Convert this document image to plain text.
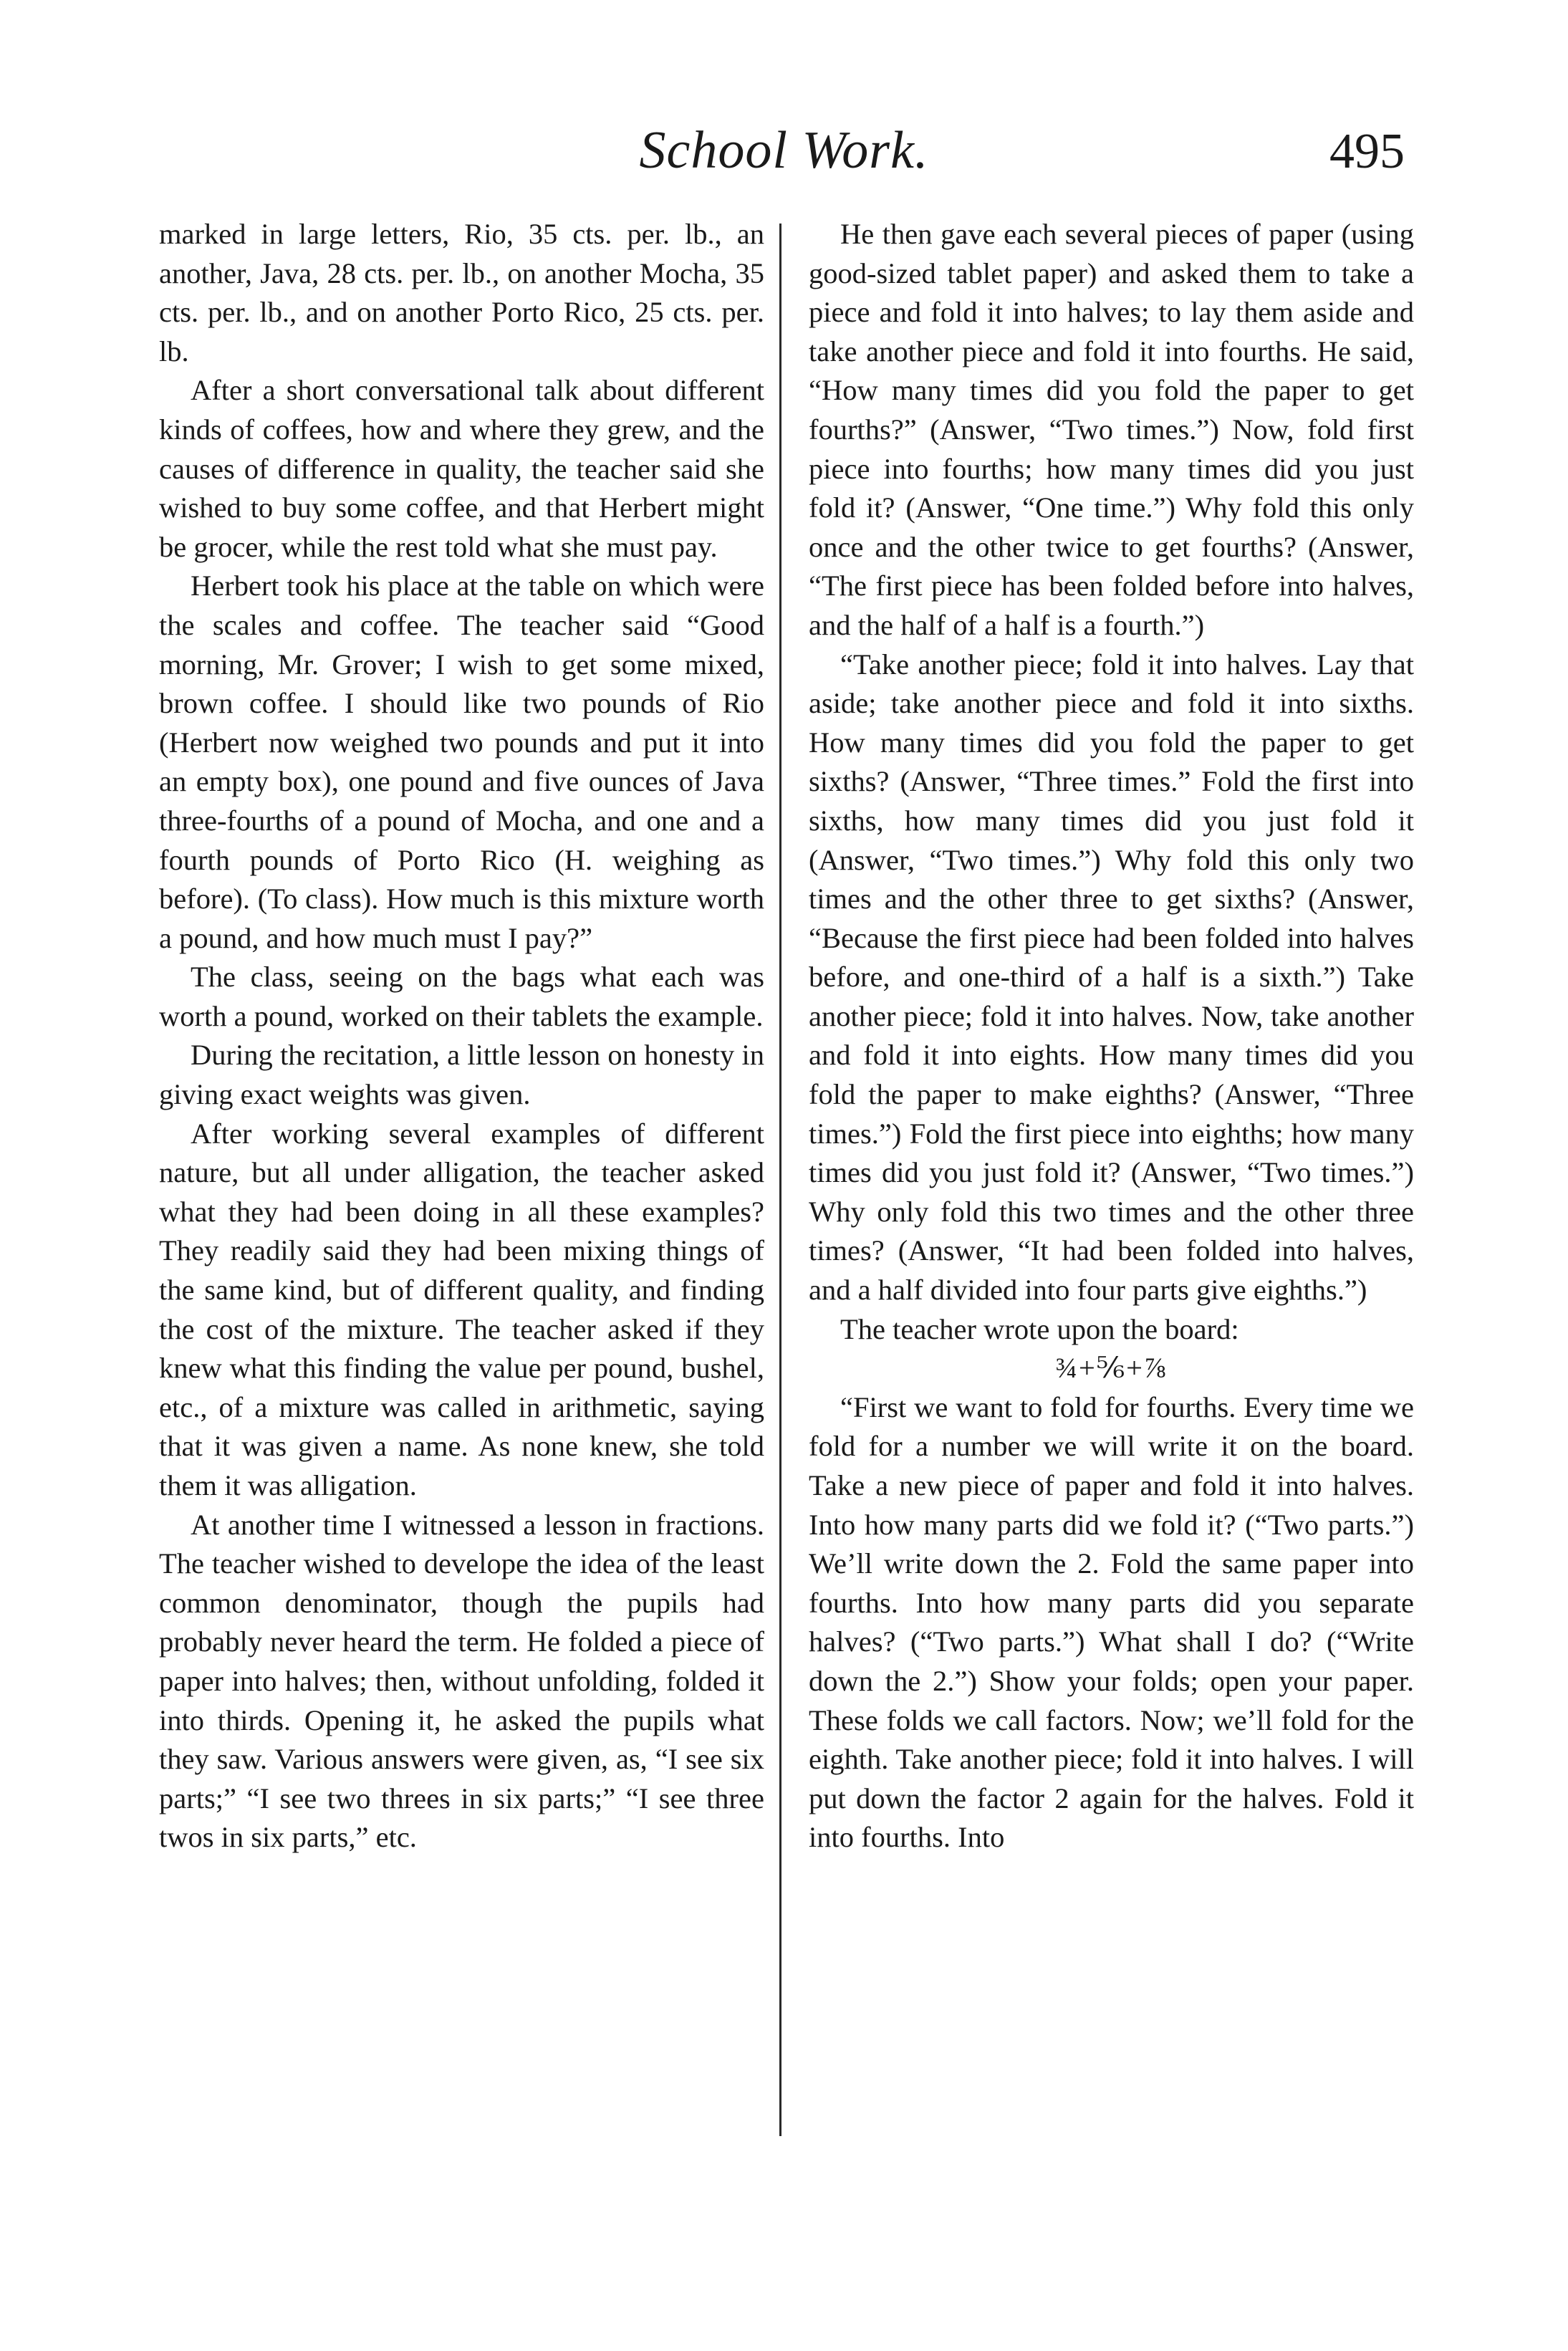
School Work.	495

marked in large letters, Rio, 35 cts. per. lb., an another, Java, 28 cts. per. lb., on another Mocha, 35 cts. per. lb., and on another Porto Rico, 25 cts. per. lb.

After a short conversational talk about different kinds of coffees, how and where they grew, and the causes of difference in quality, the teacher said she wished to buy some coffee, and that Herbert might be grocer, while the rest told what she must pay.

Herbert took his place at the table on which were the scales and coffee. The teacher said “Good morning, Mr. Grover; I wish to get some mixed, brown coffee. I should like two pounds of Rio (Herbert now weighed two pounds and put it into an empty box), one pound and five ounces of Java three-fourths of a pound of Mocha, and one and a fourth pounds of Porto Rico (H. weighing as before). (To class). How much is this mixture worth a pound, and how much must I pay?”

The class, seeing on the bags what each was worth a pound, worked on their tablets the example.

During the recitation, a little lesson on honesty in giving exact weights was given.

After working several examples of different nature, but all under alligation, the teacher asked what they had been doing in all these examples? They readily said they had been mixing things of the same kind, but of different quality, and finding the cost of the mixture. The teacher asked if they knew what this finding the value per pound, bushel, etc., of a mixture was called in arithmetic, saying that it was given a name. As none knew, she told them it was alligation.

At another time I witnessed a lesson in fractions. The teacher wished to develope the idea of the least common denominator, though the pupils had probably never heard the term. He folded a piece of paper into halves; then, without unfolding, folded it into thirds. Opening it, he asked the pupils what they saw. Various answers were given, as, “I see six parts;” “I see two threes in six parts;” “I see three twos in six parts,” etc.

He then gave each several pieces of paper (using good-sized tablet paper) and asked them to take a piece and fold it into halves; to lay them aside and take another piece and fold it into fourths. He said, “How many times did you fold the paper to get fourths?” (Answer, “Two times.”) Now, fold first piece into fourths; how many times did you just fold it? (Answer, “One time.”) Why fold this only once and the other twice to get fourths? (Answer, “The first piece has been folded before into halves, and the half of a half is a fourth.”)

“Take another piece; fold it into halves. Lay that aside; take another piece and fold it into sixths. How many times did you fold the paper to get sixths? (Answer, “Three times.” Fold the first into sixths, how many times did you just fold it (Answer, “Two times.”) Why fold this only two times and the other three to get sixths? (Answer, “Because the first piece had been folded into halves before, and one-third of a half is a sixth.”) Take another piece; fold it into halves. Now, take another and fold it into eights. How many times did you fold the paper to make eighths? (Answer, “Three times.”) Fold the first piece into eighths; how many times did you just fold it? (Answer, “Two times.”) Why only fold this two times and the other three times? (Answer, “It had been folded into halves, and a half divided into four parts give eighths.”)

The teacher wrote upon the board:

¾+⅚+⅞

“First we want to fold for fourths. Every time we fold for a number we will write it on the board. Take a new piece of paper and fold it into halves. Into how many parts did we fold it? (“Two parts.”) We’ll write down the 2. Fold the same paper into fourths. Into how many parts did you separate halves? (“Two parts.”) What shall I do? (“Write down the 2.”) Show your folds; open your paper. These folds we call factors. Now; we’ll fold for the eighth. Take another piece; fold it into halves. I will put down the factor 2 again for the halves. Fold it into fourths. Into
